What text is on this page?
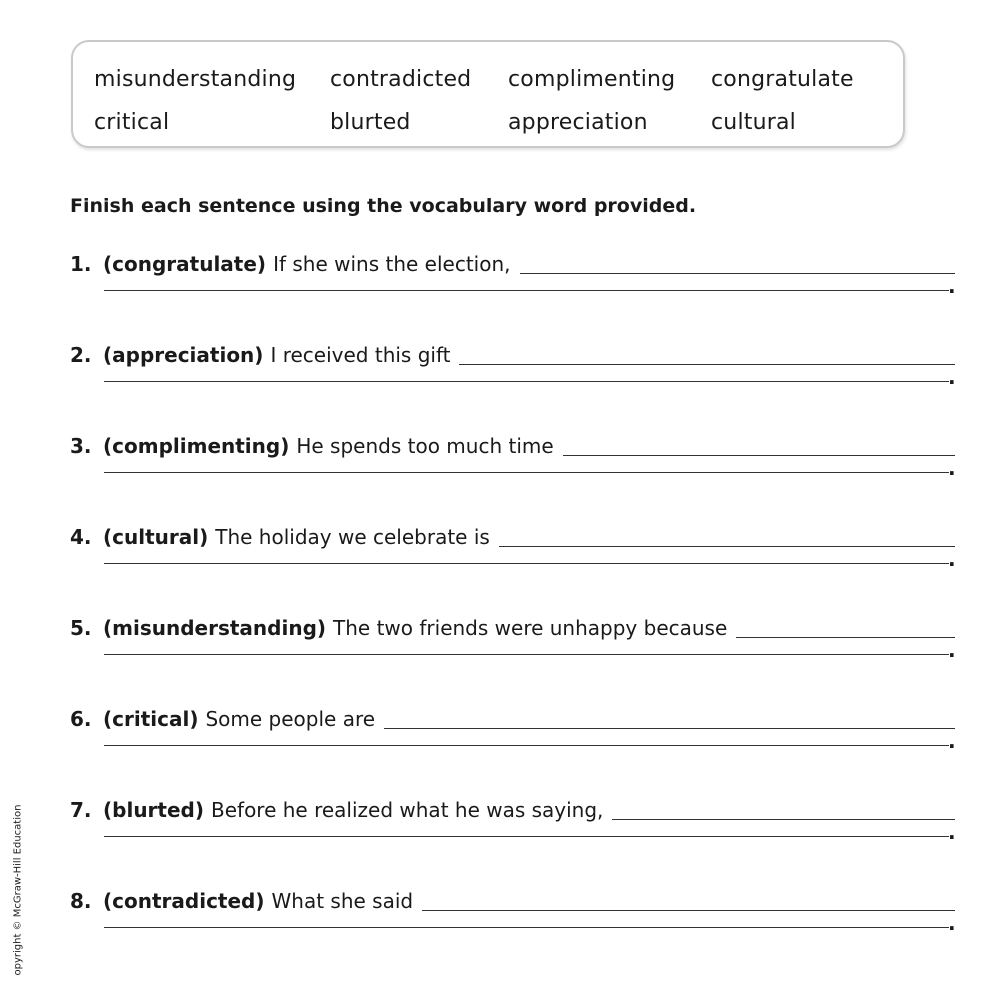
misunderstanding contradicted complimenting congratulate
critical	blurted	appreciation	cultural
Finish each sentence using the vocabulary word provided.
1. (congratulate) If she wins the election,
.
2. (appreciation) I received this gift
.
3. (complimenting) He spends too much time
.
4. (cultural) The holiday we celebrate is
.
5. (misunderstanding) The two friends were unhappy because
.
6. (critical) Some people are
.
7. (blurted) Before he realized what he was saying,
.
8. (contradicted) What she said
.
opyright © McGraw-Hill Education
